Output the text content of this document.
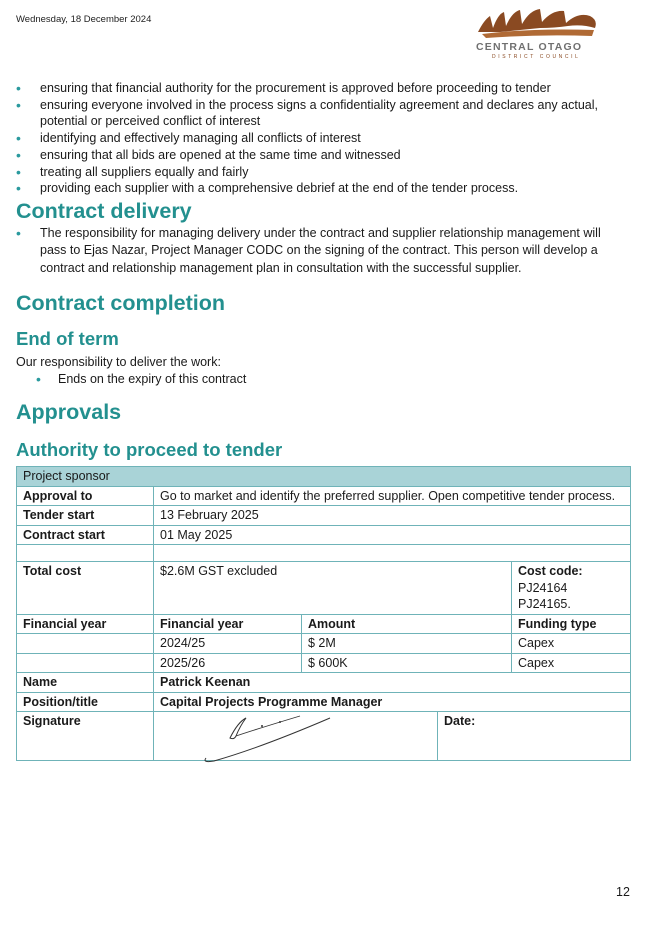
Wednesday, 18 December 2024
CENTRAL OTAGO
DISTRICT COUNCIL
• ensuring that financial authority for the procurement is approved before proceeding to tender
• ensuring everyone involved in the process signs a confidentiality agreement and declares any actual, potential or perceived conflict of interest
• identifying and effectively managing all conflicts of interest
• ensuring that all bids are opened at the same time and witnessed
• treating all suppliers equally and fairly
• providing each supplier with a comprehensive debrief at the end of the tender process.
Contract delivery
• The responsibility for managing delivery under the contract and supplier relationship management will pass to Ejas Nazar, Project Manager CODC on the signing of the contract. This person will develop a contract and relationship management plan in consultation with the successful supplier.
Contract completion
End of term
Our responsibility to deliver the work:
• Ends on the expiry of this contract
Approvals
Authority to proceed to tender
Project sponsor				
Approval to	Go to market and identify the preferred supplier. Open competitive tender process.			
Tender start	13 February 2025			
Contract start	01 May 2025			

Total cost	$2.6M GST excluded			Cost code:
PJ24164
PJ24165.

Financial year	Financial year	Amount		Funding type
	2024/25	$ 2M		Capex
	2025/26	$ 600K		Capex
Name	Patrick Keenan			
Position/title	Capital Projects Programme Manager			
Signature			Date:	
12
